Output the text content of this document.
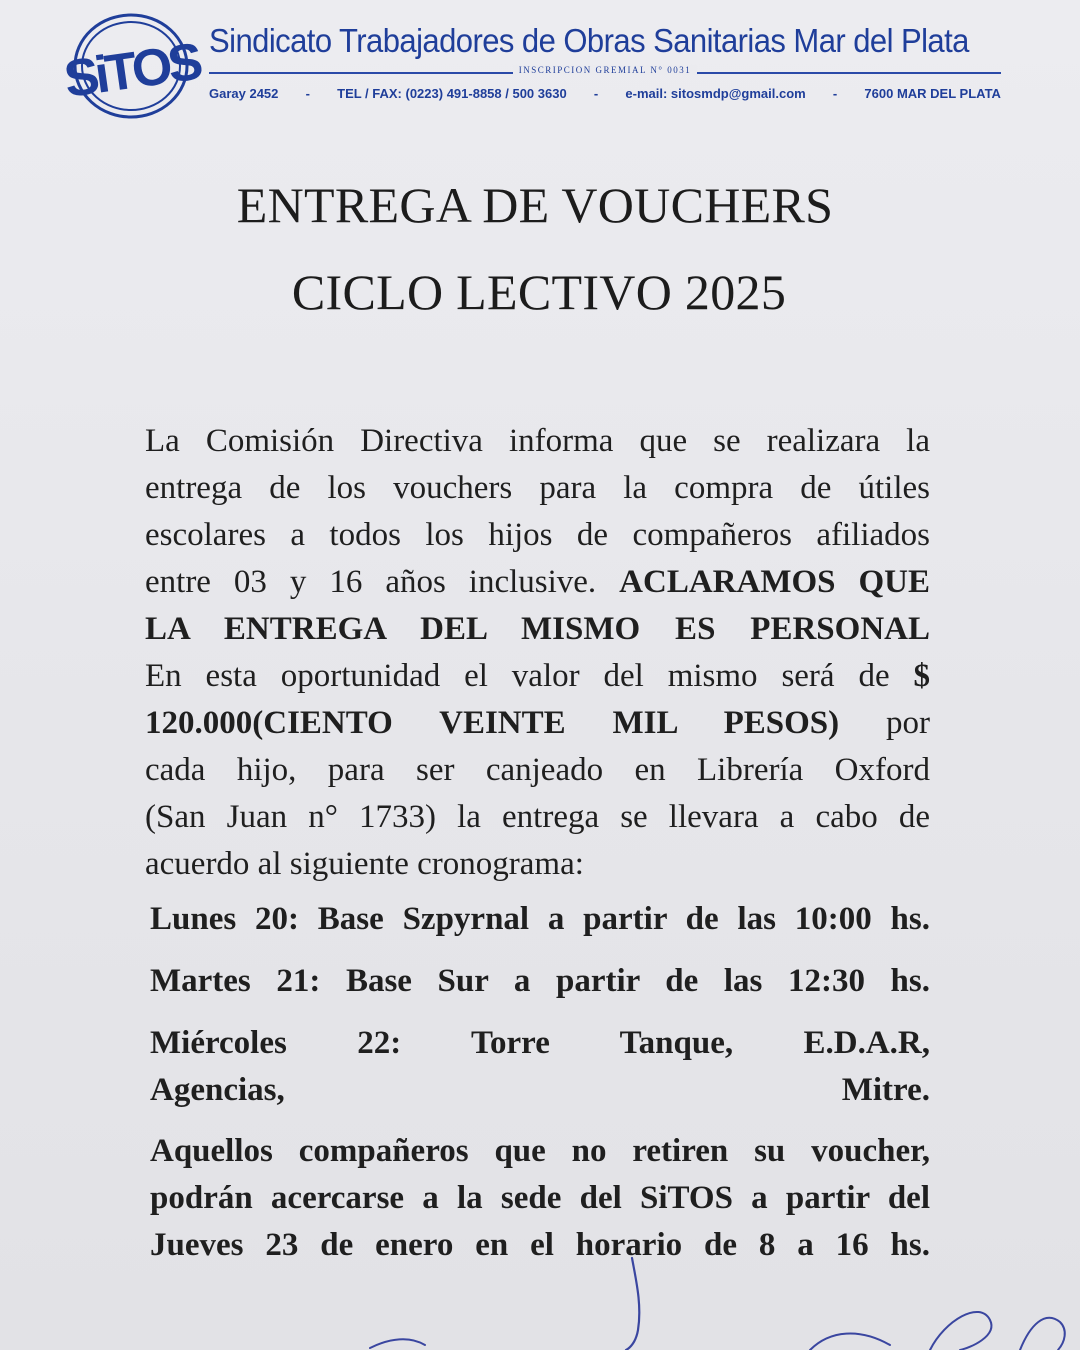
SiTOS Sindicato Trabajadores de Obras Sanitarias Mar del Plata
INSCRIPCION GREMIAL N° 0031
Garay 2452 - TEL / FAX: (0223) 491-8858 / 500 3630 - e-mail: sitosmdp@gmail.com - 7600 MAR DEL PLATA
ENTREGA DE VOUCHERS
CICLO LECTIVO 2025
La Comisión Directiva informa que se realizara la
entrega de los vouchers para la compra de útiles
escolares a todos los hijos de compañeros afiliados
entre 03 y 16 años inclusive. ACLARAMOS QUE
LA ENTREGA DEL MISMO ES PERSONAL
En esta oportunidad el valor del mismo será de $
120.000(CIENTO VEINTE MIL PESOS) por
cada hijo, para ser canjeado en Librería Oxford
(San Juan n° 1733) la entrega se llevara a cabo de
acuerdo al siguiente cronograma:
Lunes 20: Base Szpyrnal a partir de las 10:00 hs.
Martes 21: Base Sur a partir de las 12:30 hs.
Miércoles 22: Torre Tanque, E.D.A.R,
Agencias, Mitre.
Aquellos compañeros que no retiren su voucher,
podrán acercarse a la sede del SiTOS a partir del
Jueves 23 de enero en el horario de 8 a 16 hs.
